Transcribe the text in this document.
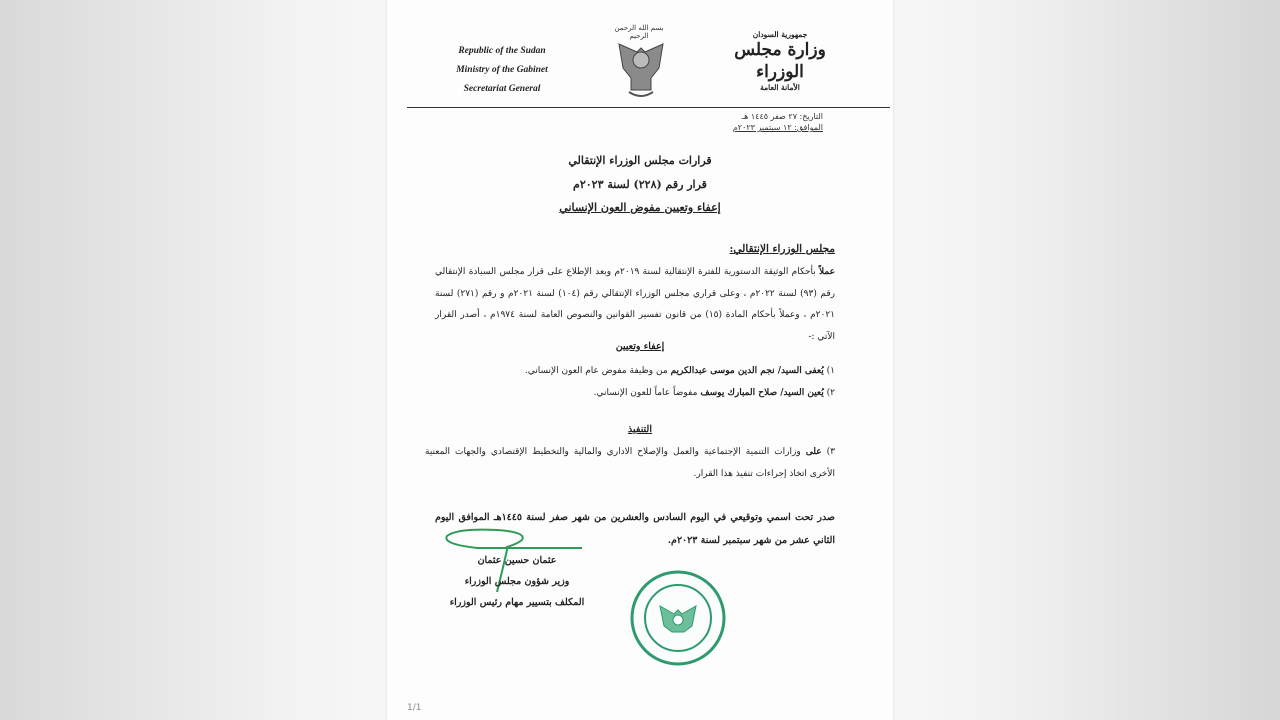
Republic of the Sudan
Ministry of the Gabinet
Secretariat General
بسم الله الرحمن الرحيم	جمهورية السودان
وزارة مجلس الوزراء
الأمانة العامة
التاريخ: ٢٧ صفر ١٤٤٥ هـ
الموافق: ١٢ سبتمبر ٢٠٢٣م
قرارات مجلس الوزراء الإنتقالي
قرار رقم (٢٢٨) لسنة ٢٠٢٣م
إعفاء وتعيين مفوض العون الإنساني
مجلس الوزراء الإنتقالي:
عملاً بأحكام الوثيقة الدستورية للفترة الإنتقالية لسنة ٢٠١٩م وبعد الإطلاع على قرار مجلس السيادة الإنتقالي رقم (٩٣) لسنة ٢٠٢٢م ، وعلى قراري مجلس الوزراء الإنتقالي رقم (١٠٤) لسنة ٢٠٢١م و رقم (٢٧١) لسنة ٢٠٢١م ، وعملاً بأحكام المادة (١٥) من قانون تفسير القوانين والنصوص العامة لسنة ١٩٧٤م ، أصدر القرار الآتي :-
إعفاء وتعيين
١) يُعفى السيد/ نجم الدين موسى عبدالكريم من وظيفة مفوض عام العون الإنساني.
٢) يُعين السيد/ صلاح المبارك يوسف مفوضاً عاماً للعون الإنساني.
التنفيذ
٣) على وزارات التنمية الإجتماعية والعمل والإصلاح الاداري والمالية والتخطيط الإقتصادي والجهات المعنية الأخرى اتخاذ إجراءات تنفيذ هذا القرار.
صدر تحت اسمي وتوقيعي في اليوم السادس والعشرين من شهر صفر لسنة ١٤٤٥هـ الموافق اليوم الثاني عشر من شهر سبتمبر لسنة ٢٠٢٣م.
عثمان حسين عثمان
وزير شؤون مجلس الوزراء
المكلف بتسيير مهام رئيس الوزراء
1/1
